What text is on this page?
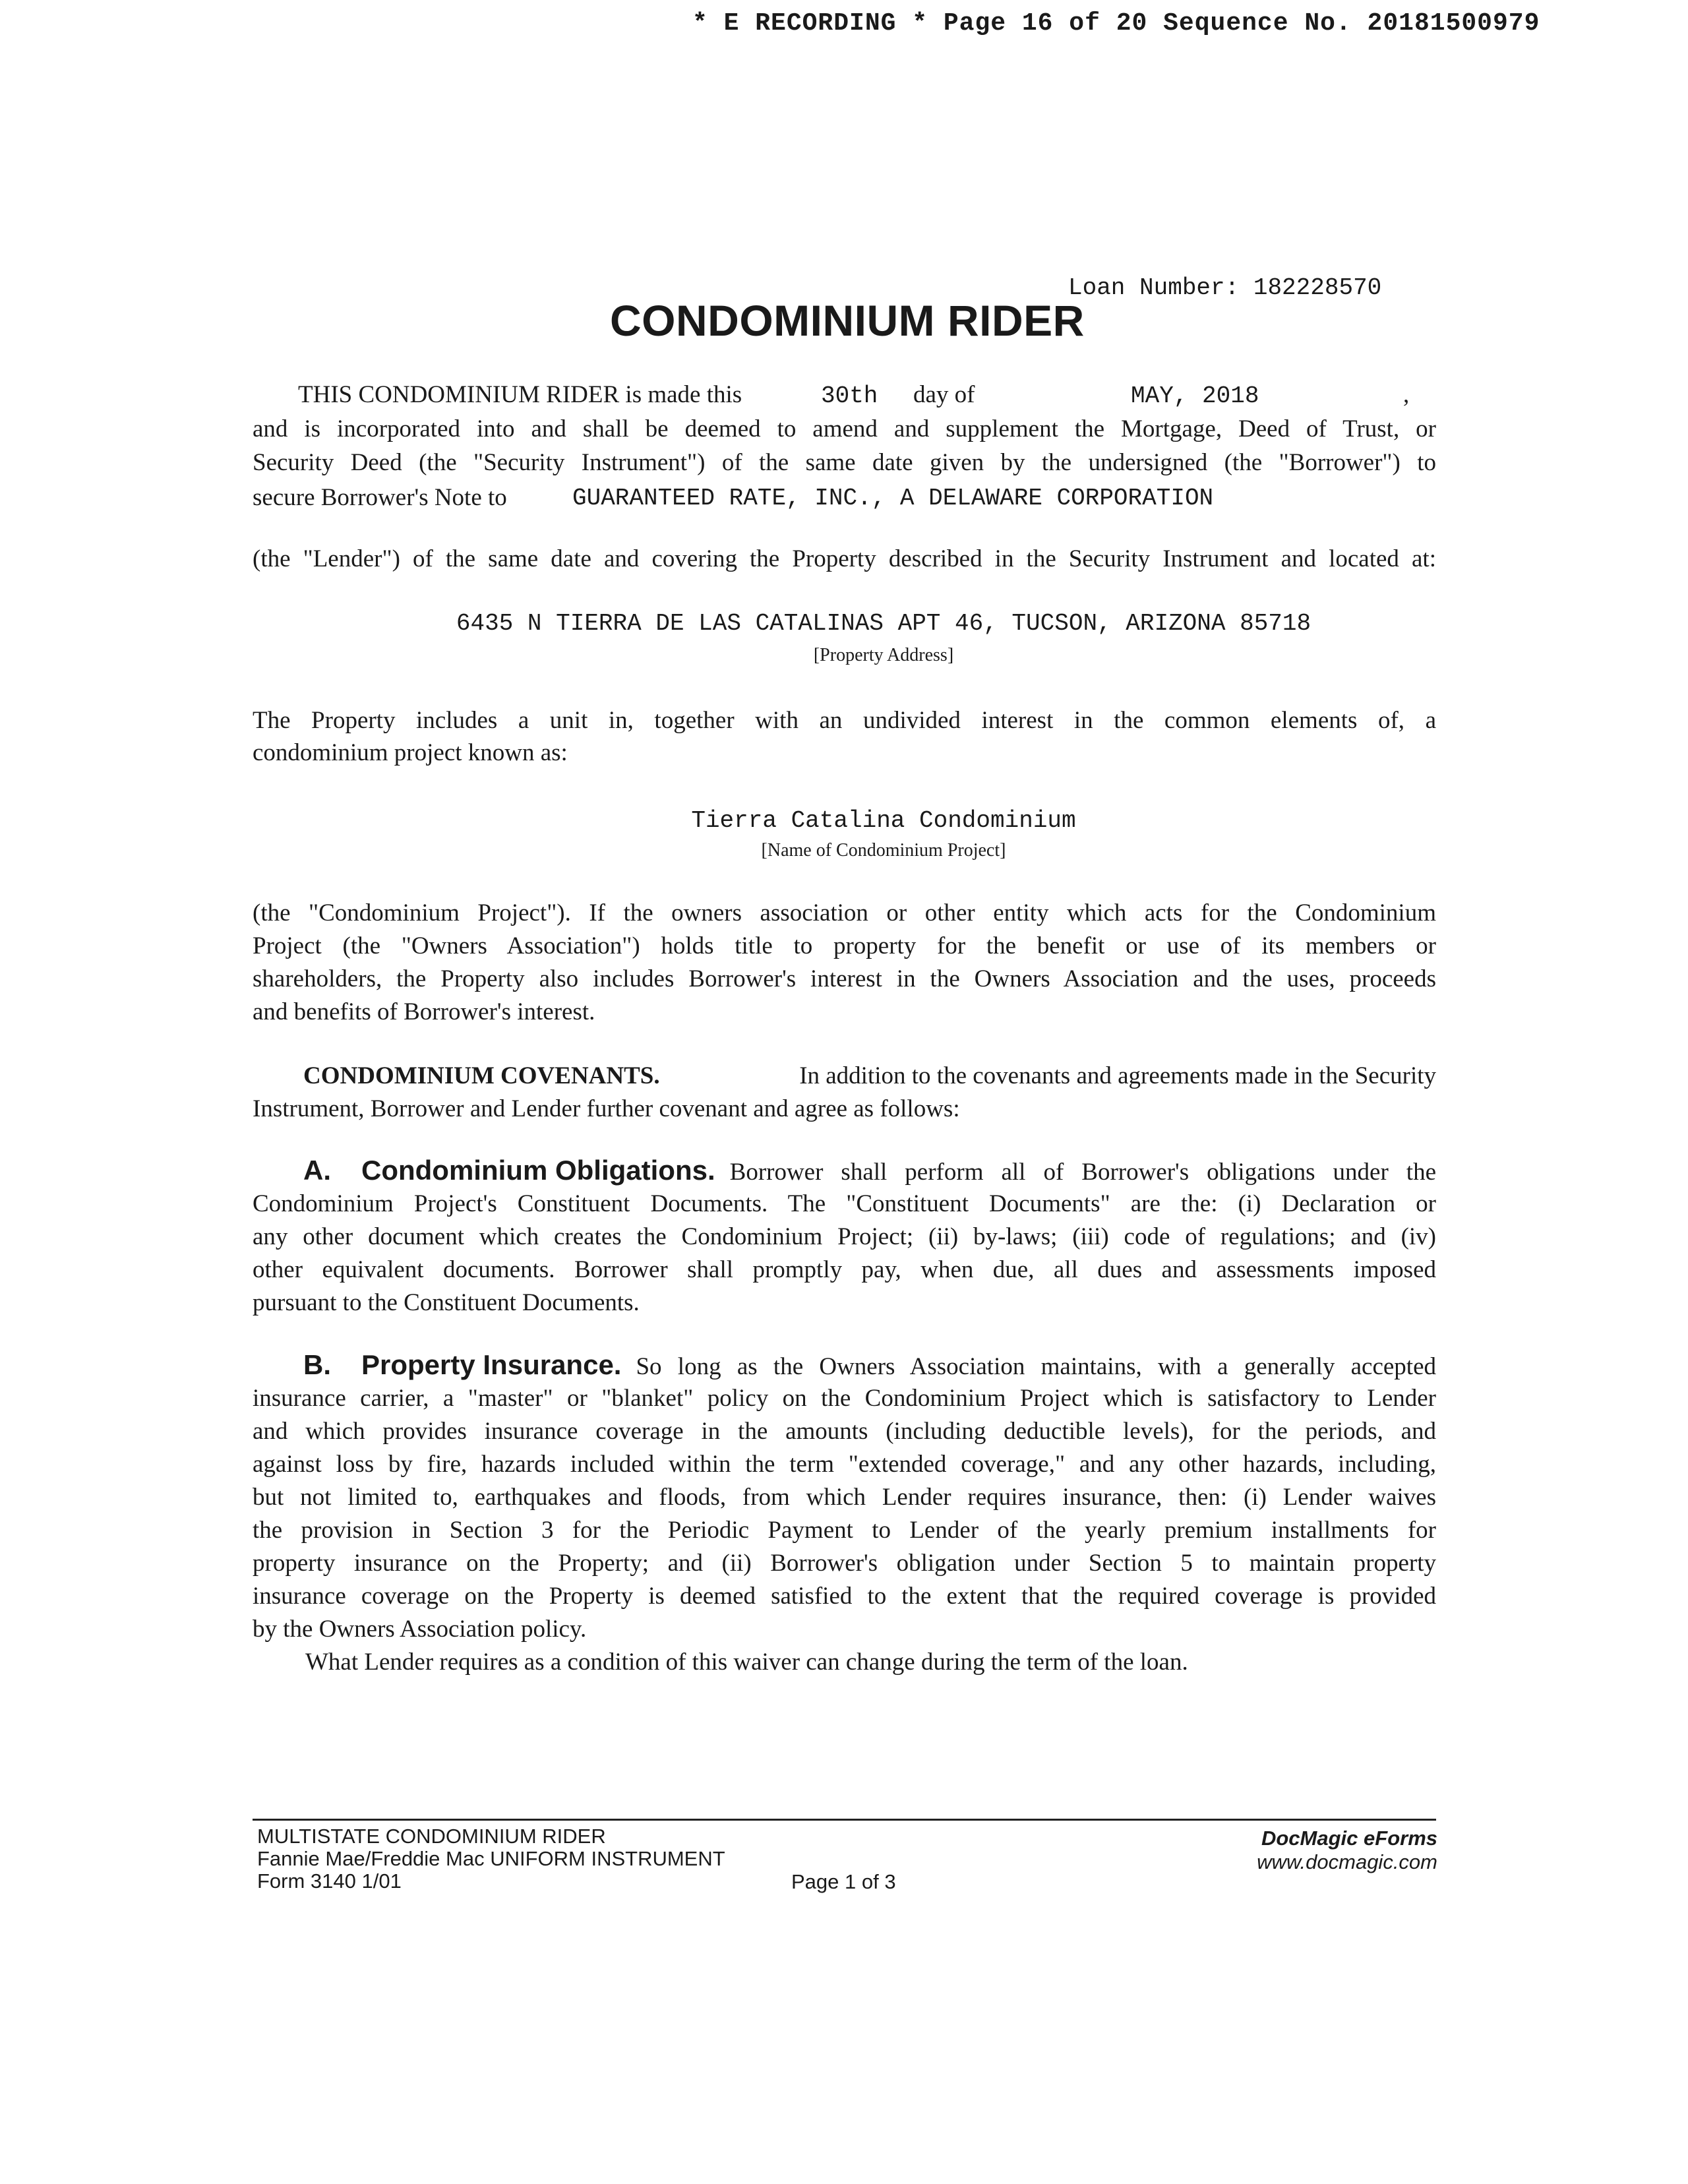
* E RECORDING * Page 16 of 20 Sequence No. 20181500979
Loan Number: 182228570
CONDOMINIUM RIDER
THIS CONDOMINIUM RIDER is made this	30th day of	MAY, 2018	,
and is incorporated into and shall be deemed to amend and supplement the Mortgage, Deed of Trust, or
Security Deed (the "Security Instrument") of the same date given by the undersigned (the "Borrower") to
secure Borrower's Note to	GUARANTEED RATE, INC., A DELAWARE CORPORATION
(the "Lender") of the same date and covering the Property described in the Security Instrument and located at:
6435 N TIERRA DE LAS CATALINAS APT 46, TUCSON, ARIZONA 85718
[Property Address]
The Property includes a unit in, together with an undivided interest in the common elements of, a
condominium project known as:
Tierra Catalina Condominium
[Name of Condominium Project]
(the "Condominium Project"). If the owners association or other entity which acts for the Condominium
Project (the "Owners Association") holds title to property for the benefit or use of its members or
shareholders, the Property also includes Borrower's interest in the Owners Association and the uses, proceeds
and benefits of Borrower's interest.
CONDOMINIUM COVENANTS.	In addition to the covenants and agreements made in the Security
Instrument, Borrower and Lender further covenant and agree as follows:
A.	Condominium Obligations. Borrower shall perform all of Borrower's obligations under the
Condominium Project's Constituent Documents. The "Constituent Documents" are the: (i) Declaration or
any other document which creates the Condominium Project; (ii) by-laws; (iii) code of regulations; and (iv)
other equivalent documents. Borrower shall promptly pay, when due, all dues and assessments imposed
pursuant to the Constituent Documents.
B.	Property Insurance. So long as the Owners Association maintains, with a generally accepted
insurance carrier, a "master" or "blanket" policy on the Condominium Project which is satisfactory to Lender
and which provides insurance coverage in the amounts (including deductible levels), for the periods, and
against loss by fire, hazards included within the term "extended coverage," and any other hazards, including,
but not limited to, earthquakes and floods, from which Lender requires insurance, then: (i) Lender waives
the provision in Section 3 for the Periodic Payment to Lender of the yearly premium installments for
property insurance on the Property; and (ii) Borrower's obligation under Section 5 to maintain property
insurance coverage on the Property is deemed satisfied to the extent that the required coverage is provided
by the Owners Association policy.
What Lender requires as a condition of this waiver can change during the term of the loan.
MULTISTATE CONDOMINIUM RIDER
Fannie Mae/Freddie Mac UNIFORM INSTRUMENT
Form 3140 1/01	Page 1 of 3
DocMagic eForms
www.docmagic.com
